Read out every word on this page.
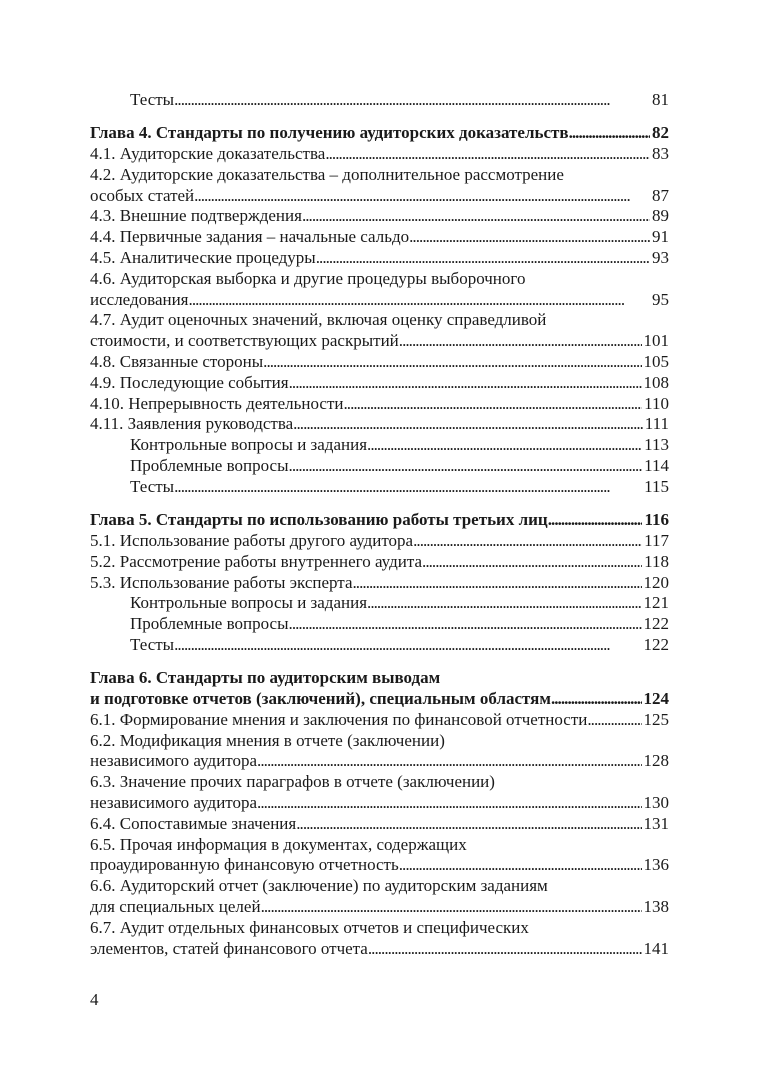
Тесты . . .	81
Глава 4. Стандарты по получению аудиторских доказательств . . .	82
4.1. Аудиторские доказательства . . .	83
4.2. Аудиторские доказательства – дополнительное рассмотрение
особых статей . . .	87
4.3. Внешние подтверждения . . .	89
4.4. Первичные задания – начальные сальдо . . .	91
4.5. Аналитические процедуры . . .	93
4.6. Аудиторская выборка и другие процедуры выборочного
исследования . . .	95
4.7. Аудит оценочных значений, включая оценку справедливой
стоимости, и соответствующих раскрытий . . .	101
4.8. Связанные стороны . . .	105
4.9. Последующие события . . .	108
4.10. Непрерывность деятельности . . .	110
4.11. Заявления руководства . . .	111
Контрольные вопросы и задания . . .	113
Проблемные вопросы . . .	114
Тесты . . .	115
Глава 5. Стандарты по использованию работы третьих лиц . . .	116
5.1. Использование работы другого аудитора . . .	117
5.2. Рассмотрение работы внутреннего аудита . . .	118
5.3. Использование работы эксперта . . .	120
Контрольные вопросы и задания . . .	121
Проблемные вопросы . . .	122
Тесты . . .	122
Глава 6. Стандарты по аудиторским выводам
и подготовке отчетов (заключений), специальным областям . . .	124
6.1. Формирование мнения и заключения по финансовой отчетности . . .	125
6.2. Модификация мнения в отчете (заключении)
независимого аудитора . . .	128
6.3. Значение прочих параграфов в отчете (заключении)
независимого аудитора . . .	130
6.4. Сопоставимые значения . . .	131
6.5. Прочая информация в документах, содержащих
проаудированную финансовую отчетность . . .	136
6.6. Аудиторский отчет (заключение) по аудиторским заданиям
для специальных целей . . .	138
6.7. Аудит отдельных финансовых отчетов и специфических
элементов, статей финансового отчета . . .	141
4
